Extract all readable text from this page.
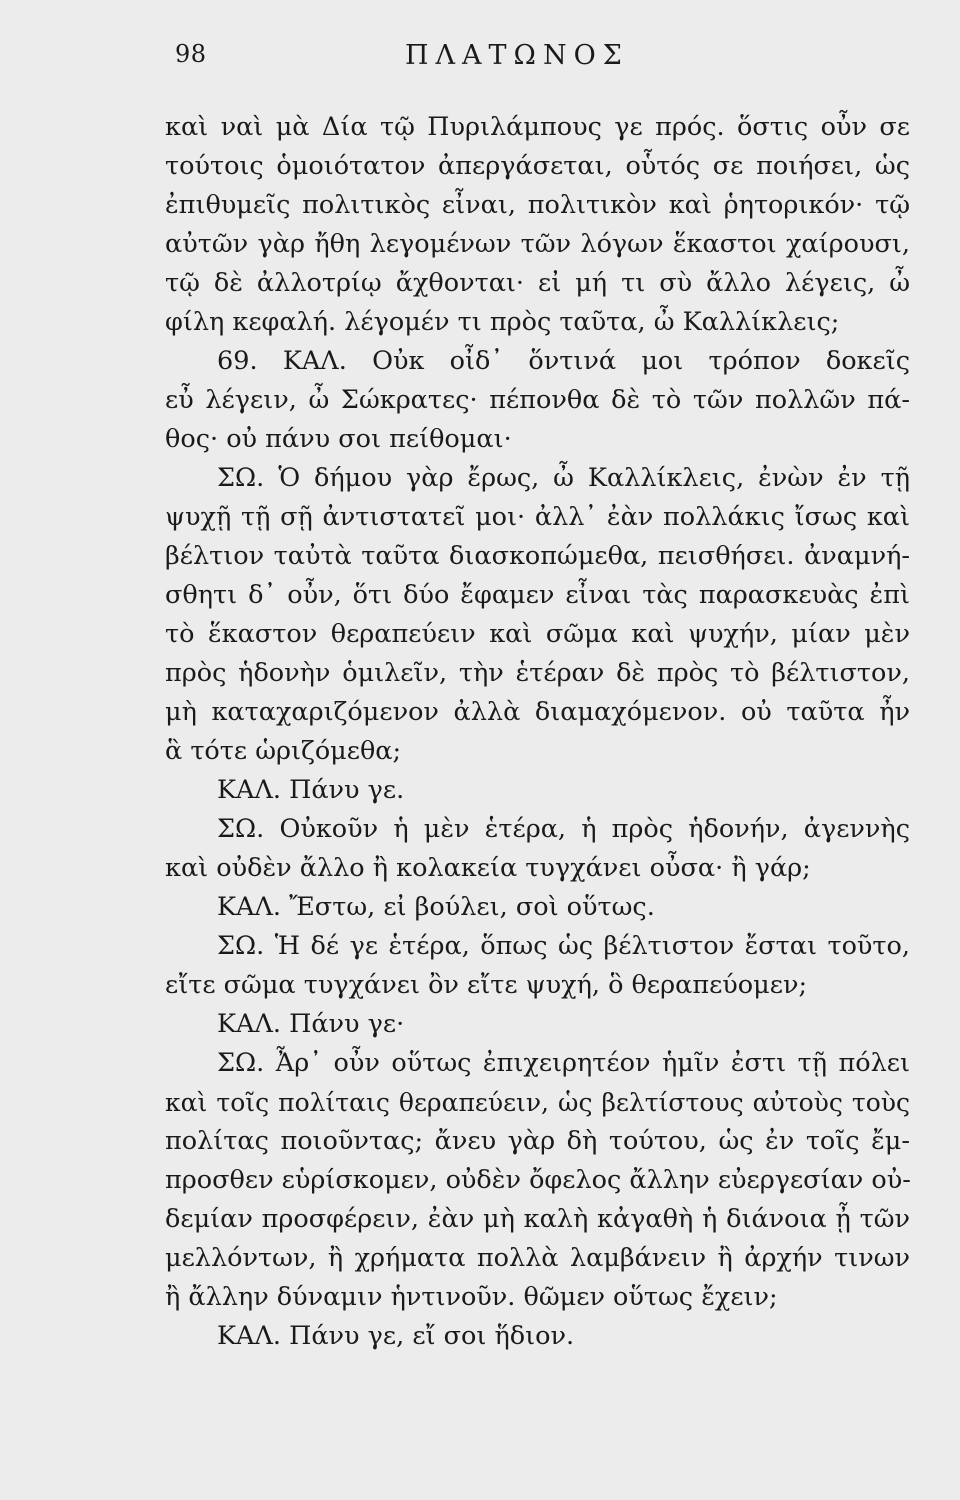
98	ΠΛΑΤΩΝΟΣ
καὶ ναὶ μὰ Δία τῷ Πυριλάμπους γε πρός. ὅστις οὖν σε
τούτοις ὁμοιότατον ἀπεργάσεται, οὗτός σε ποιήσει, ὡς
ἐπιθυμεῖς πολιτικὸς εἶναι, πολιτικὸν καὶ ῥητορικόν· τῷ
αὐτῶν γὰρ ἤθη λεγομένων τῶν λόγων ἕκαστοι χαίρουσι,
τῷ δὲ ἀλλοτρίῳ ἄχθονται· εἰ μή τι σὺ ἄλλο λέγεις, ὦ
φίλη κεφαλή. λέγομέν τι πρὸς ταῦτα, ὦ Καλλίκλεις;
69. ΚΑΛ. Οὐκ οἶδ᾽ ὅντινά μοι τρόπον δοκεῖς
εὖ λέγειν, ὦ Σώκρατες· πέπονθα δὲ τὸ τῶν πολλῶν πά-
θος· οὐ πάνυ σοι πείθομαι·
ΣΩ. Ὁ δήμου γὰρ ἔρως, ὦ Καλλίκλεις, ἐνὼν ἐν τῇ
ψυχῇ τῇ σῇ ἀντιστατεῖ μοι· ἀλλ᾽ ἐὰν πολλάκις ἴσως καὶ
βέλτιον ταὐτὰ ταῦτα διασκοπώμεθα, πεισθήσει. ἀναμνή-
σθητι δ᾽ οὖν, ὅτι δύο ἔφαμεν εἶναι τὰς παρασκευὰς ἐπὶ
τὸ ἕκαστον θεραπεύειν καὶ σῶμα καὶ ψυχήν, μίαν μὲν
πρὸς ἡδονὴν ὁμιλεῖν, τὴν ἑτέραν δὲ πρὸς τὸ βέλτιστον,
μὴ καταχαριζόμενον ἀλλὰ διαμαχόμενον. οὐ ταῦτα ἦν
ἃ τότε ὡριζόμεθα;
ΚΑΛ. Πάνυ γε.
ΣΩ. Οὐκοῦν ἡ μὲν ἑτέρα, ἡ πρὸς ἡδονήν, ἀγεννὴς
καὶ οὐδὲν ἄλλο ἢ κολακεία τυγχάνει οὖσα· ἢ γάρ;
ΚΑΛ. Ἔστω, εἰ βούλει, σοὶ οὕτως.
ΣΩ. Ἡ δέ γε ἑτέρα, ὅπως ὡς βέλτιστον ἔσται τοῦτο,
εἴτε σῶμα τυγχάνει ὂν εἴτε ψυχή, ὃ θεραπεύομεν;
ΚΑΛ. Πάνυ γε·
ΣΩ. Ἆρ᾽ οὖν οὕτως ἐπιχειρητέον ἡμῖν ἐστι τῇ πόλει
καὶ τοῖς πολίταις θεραπεύειν, ὡς βελτίστους αὐτοὺς τοὺς
πολίτας ποιοῦντας; ἄνευ γὰρ δὴ τούτου, ὡς ἐν τοῖς ἔμ-
προσθεν εὑρίσκομεν, οὐδὲν ὄφελος ἄλλην εὐεργεσίαν οὐ-
δεμίαν προσφέρειν, ἐὰν μὴ καλὴ κἀγαθὴ ἡ διάνοια ᾖ τῶν
μελλόντων, ἢ χρήματα πολλὰ λαμβάνειν ἢ ἀρχήν τινων
ἢ ἄλλην δύναμιν ἡντινοῦν. θῶμεν οὕτως ἔχειν;
ΚΑΛ. Πάνυ γε, εἴ σοι ἥδιον.
